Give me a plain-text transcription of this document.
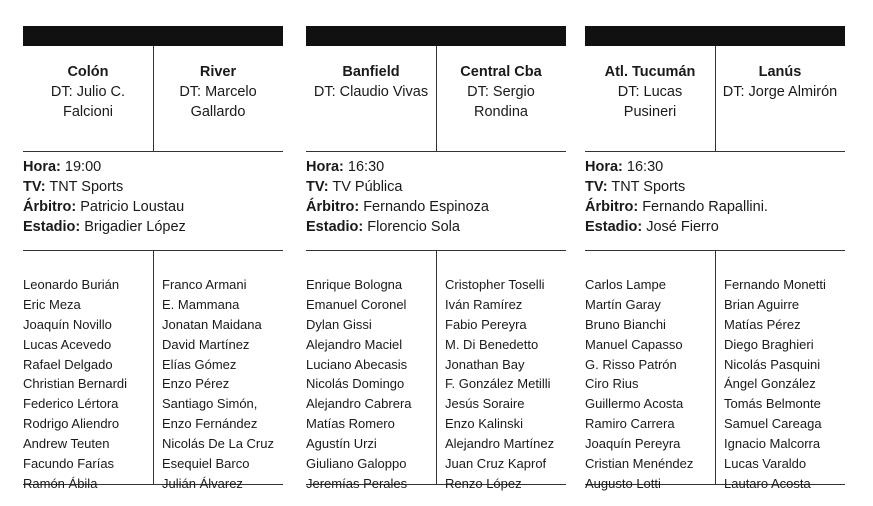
Colón
DT: Julio C. Falcioni
River
DT: Marcelo Gallardo
Hora: 19:00
TV: TNT Sports
Árbitro: Patricio Loustau
Estadio: Brigadier López
Leonardo Burián
Eric Meza
Joaquín Novillo
Lucas Acevedo
Rafael Delgado
Christian Bernardi
Federico Lértora
Rodrigo Aliendro
Andrew Teuten
Facundo Farías
Ramón Ábila
Franco Armani
E. Mammana
Jonatan Maidana
David Martínez
Elías Gómez
Enzo Pérez
Santiago Simón,
Enzo Fernández
Nicolás De La Cruz
Esequiel Barco
Julián Álvarez
Banfield
DT: Claudio Vivas
Central Cba
DT: Sergio Rondina
Hora: 16:30
TV: TV Pública
Árbitro: Fernando Espinoza
Estadio: Florencio Sola
Enrique Bologna
Emanuel Coronel
Dylan Gissi
Alejandro Maciel
Luciano Abecasis
Nicolás Domingo
Alejandro Cabrera
Matías Romero
Agustín Urzi
Giuliano Galoppo
Jeremías Perales
Cristopher Toselli
Iván Ramírez
Fabio Pereyra
M. Di Benedetto
Jonathan Bay
F. González Metilli
Jesús Soraire
Enzo Kalinski
Alejandro Martínez
Juan Cruz Kaprof
Renzo López
Atl. Tucumán
DT: Lucas Pusineri
Lanús
DT: Jorge Almirón
Hora: 16:30
TV: TNT Sports
Árbitro: Fernando Rapallini.
Estadio: José Fierro
Carlos Lampe
Martín Garay
Bruno Bianchi
Manuel Capasso
G. Risso Patrón
Ciro Rius
Guillermo Acosta
Ramiro Carrera
Joaquín Pereyra
Cristian Menéndez
Augusto Lotti
Fernando Monetti
Brian Aguirre
Matías Pérez
Diego Braghieri
Nicolás Pasquini
Ángel González
Tomás Belmonte
Samuel Careaga
Ignacio Malcorra
Lucas Varaldo
Lautaro Acosta
